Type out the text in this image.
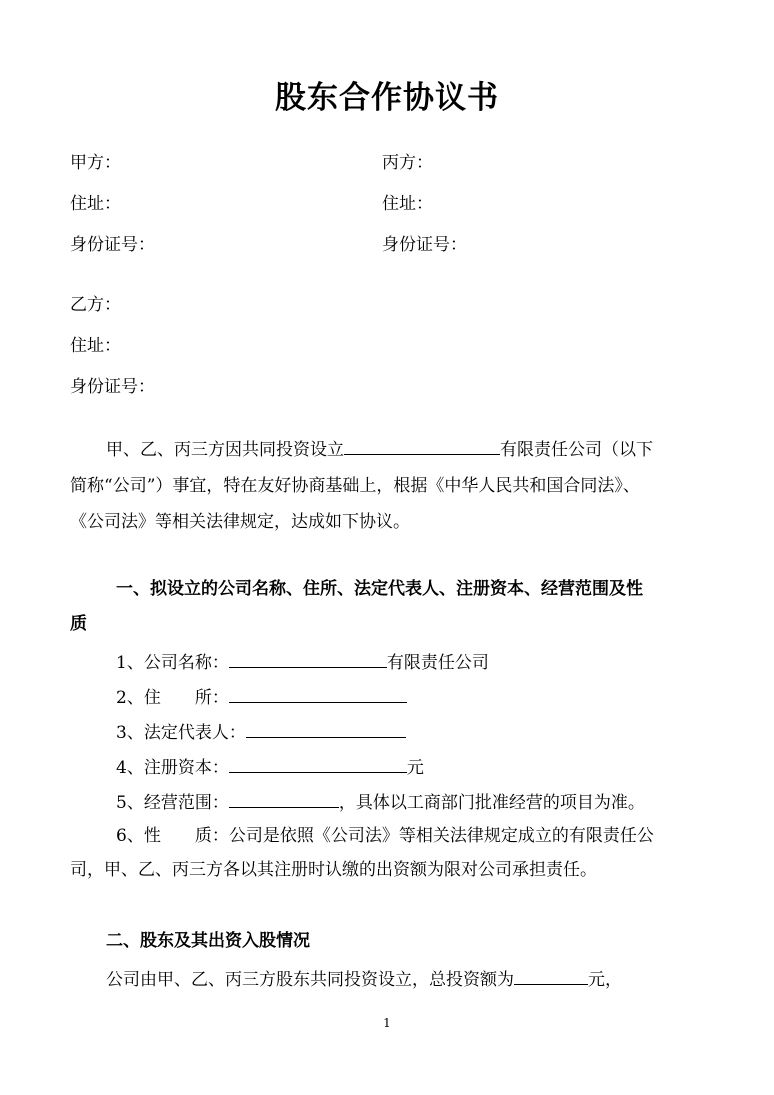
股东合作协议书
甲方：	丙方：
住址：	住址：
身份证号：	身份证号：
乙方：
住址：
身份证号：
甲、乙、丙三方因共同投资设立	有限责任公司（以下
简称“公司”）事宜，特在友好协商基础上，根据《中华人民共和国合同法》、
《公司法》等相关法律规定，达成如下协议。
一、拟设立的公司名称、住所、法定代表人、注册资本、经营范围及性
质
1、公司名称：	有限责任公司
2、住　　所：
3、法定代表人：
4、注册资本：	元
5、经营范围：	，具体以工商部门批准经营的项目为准。
6、性　　质：公司是依照《公司法》等相关法律规定成立的有限责任公
司，甲、乙、丙三方各以其注册时认缴的出资额为限对公司承担责任。
二、股东及其出资入股情况
公司由甲、乙、丙三方股东共同投资设立，总投资额为	元，
1
